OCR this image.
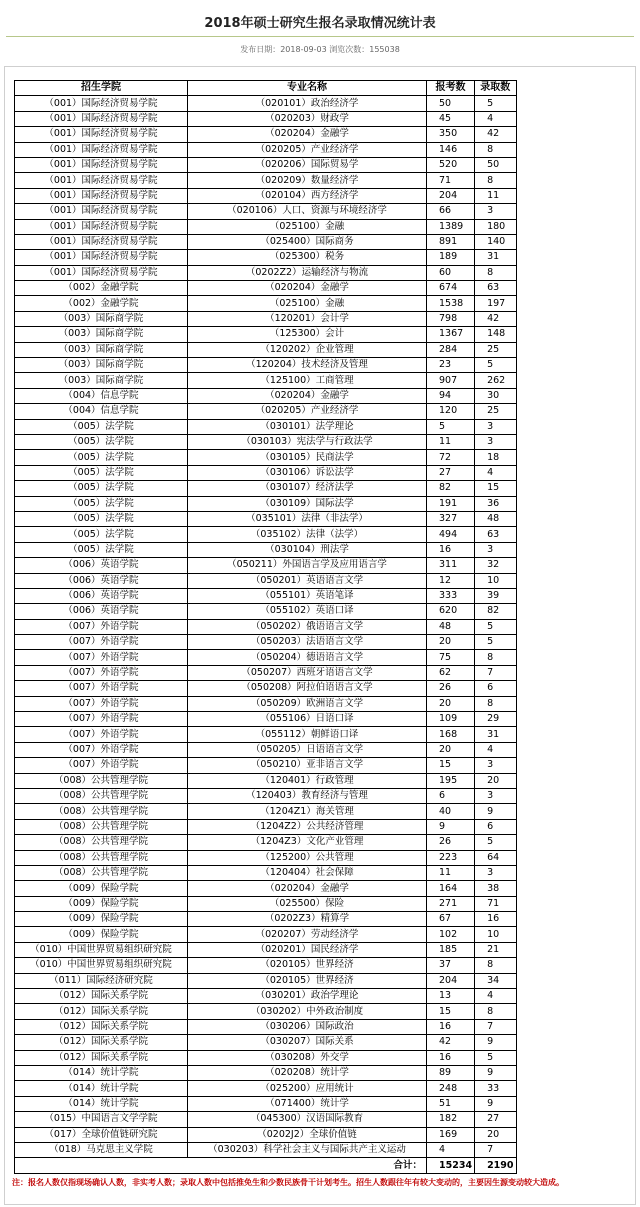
2018年硕士研究生报名录取情况统计表
发布日期：2018-09-03 浏览次数：155038
招生学院	专业名称	报考数	录取数
（001）国际经济贸易学院	（020101）政治经济学	50	5
（001）国际经济贸易学院	（020203）财政学	45	4
（001）国际经济贸易学院	（020204）金融学	350	42
（001）国际经济贸易学院	（020205）产业经济学	146	8
（001）国际经济贸易学院	（020206）国际贸易学	520	50
（001）国际经济贸易学院	（020209）数量经济学	71	8
（001）国际经济贸易学院	（020104）西方经济学	204	11
（001）国际经济贸易学院	（020106）人口、资源与环境经济学	66	3
（001）国际经济贸易学院	（025100）金融	1389	180
（001）国际经济贸易学院	（025400）国际商务	891	140
（001）国际经济贸易学院	（025300）税务	189	31
（001）国际经济贸易学院	（0202Z2）运输经济与物流	60	8
（002）金融学院	（020204）金融学	674	63
（002）金融学院	（025100）金融	1538	197
（003）国际商学院	（120201）会计学	798	42
（003）国际商学院	（125300）会计	1367	148
（003）国际商学院	（120202）企业管理	284	25
（003）国际商学院	（120204）技术经济及管理	23	5
（003）国际商学院	（125100）工商管理	907	262
（004）信息学院	（020204）金融学	94	30
（004）信息学院	（020205）产业经济学	120	25
（005）法学院	（030101）法学理论	5	3
（005）法学院	（030103）宪法学与行政法学	11	3
（005）法学院	（030105）民商法学	72	18
（005）法学院	（030106）诉讼法学	27	4
（005）法学院	（030107）经济法学	82	15
（005）法学院	（030109）国际法学	191	36
（005）法学院	（035101）法律（非法学）	327	48
（005）法学院	（035102）法律（法学）	494	63
（005）法学院	（030104）刑法学	16	3
（006）英语学院	（050211）外国语言学及应用语言学	311	32
（006）英语学院	（050201）英语语言文学	12	10
（006）英语学院	（055101）英语笔译	333	39
（006）英语学院	（055102）英语口译	620	82
（007）外语学院	（050202）俄语语言文学	48	5
（007）外语学院	（050203）法语语言文学	20	5
（007）外语学院	（050204）德语语言文学	75	8
（007）外语学院	（050207）西班牙语语言文学	62	7
（007）外语学院	（050208）阿拉伯语语言文学	26	6
（007）外语学院	（050209）欧洲语言文学	20	8
（007）外语学院	（055106）日语口译	109	29
（007）外语学院	（055112）朝鲜语口译	168	31
（007）外语学院	（050205）日语语言文学	20	4
（007）外语学院	（050210）亚非语言文学	15	3
（008）公共管理学院	（120401）行政管理	195	20
（008）公共管理学院	（120403）教育经济与管理	6	3
（008）公共管理学院	（1204Z1）海关管理	40	9
（008）公共管理学院	（1204Z2）公共经济管理	9	6
（008）公共管理学院	（1204Z3）文化产业管理	26	5
（008）公共管理学院	（125200）公共管理	223	64
（008）公共管理学院	（120404）社会保障	11	3
（009）保险学院	（020204）金融学	164	38
（009）保险学院	（025500）保险	271	71
（009）保险学院	（0202Z3）精算学	67	16
（009）保险学院	（020207）劳动经济学	102	10
（010）中国世界贸易组织研究院	（020201）国民经济学	185	21
（010）中国世界贸易组织研究院	（020105）世界经济	37	8
（011）国际经济研究院	（020105）世界经济	204	34
（012）国际关系学院	（030201）政治学理论	13	4
（012）国际关系学院	（030202）中外政治制度	15	8
（012）国际关系学院	（030206）国际政治	16	7
（012）国际关系学院	（030207）国际关系	42	9
（012）国际关系学院	（030208）外交学	16	5
（014）统计学院	（020208）统计学	89	9
（014）统计学院	（025200）应用统计	248	33
（014）统计学院	（071400）统计学	51	9
（015）中国语言文学学院	（045300）汉语国际教育	182	27
（017）全球价值链研究院	（0202J2）全球价值链	169	20
（018）马克思主义学院	（030203）科学社会主义与国际共产主义运动	4	7
合计：		15234	2190
注：报名人数仅指现场确认人数，非实考人数；录取人数中包括推免生和少数民族骨干计划考生。招生人数跟往年有较大变动的，主要因生源变动较大造成。
